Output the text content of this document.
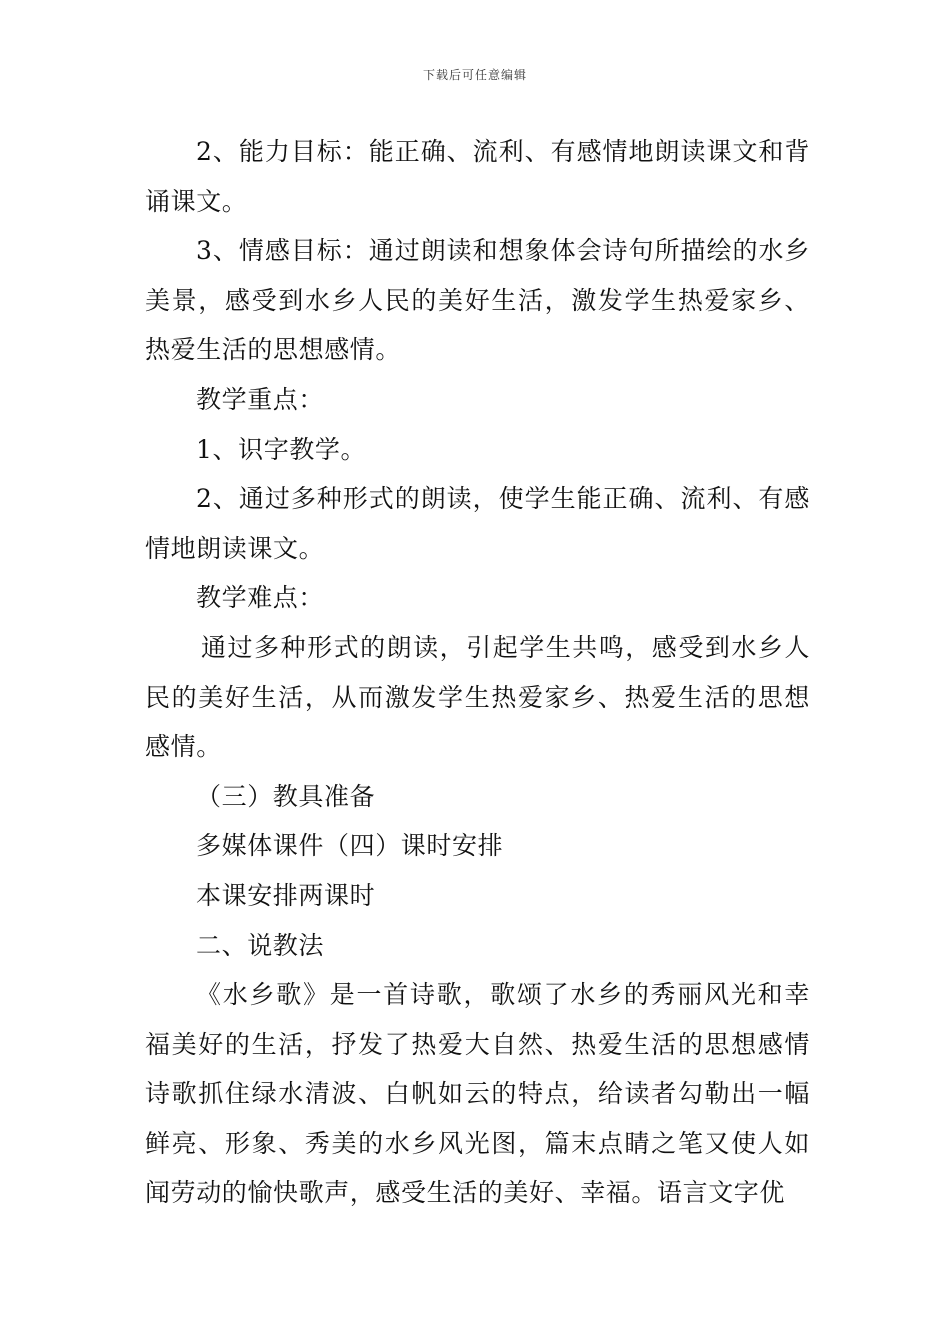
下载后可任意编辑

2、能力目标：能正确、流利、有感情地朗读课文和背诵课文。

3、情感目标：通过朗读和想象体会诗句所描绘的水乡美景，感受到水乡人民的美好生活，激发学生热爱家乡、热爱生活的思想感情。

教学重点：

1、识字教学。

2、通过多种形式的朗读，使学生能正确、流利、有感情地朗读课文。

教学难点：

通过多种形式的朗读，引起学生共鸣，感受到水乡人民的美好生活，从而激发学生热爱家乡、热爱生活的思想感情。

（三）教具准备

多媒体课件（四）课时安排

本课安排两课时

二、说教法

《水乡歌》是一首诗歌，歌颂了水乡的秀丽风光和幸福美好的生活，抒发了热爱大自然、热爱生活的思想感情诗歌抓住绿水清波、白帆如云的特点，给读者勾勒出一幅鲜亮、形象、秀美的水乡风光图，篇末点睛之笔又使人如闻劳动的愉快歌声，感受生活的美好、幸福。语言文字优
